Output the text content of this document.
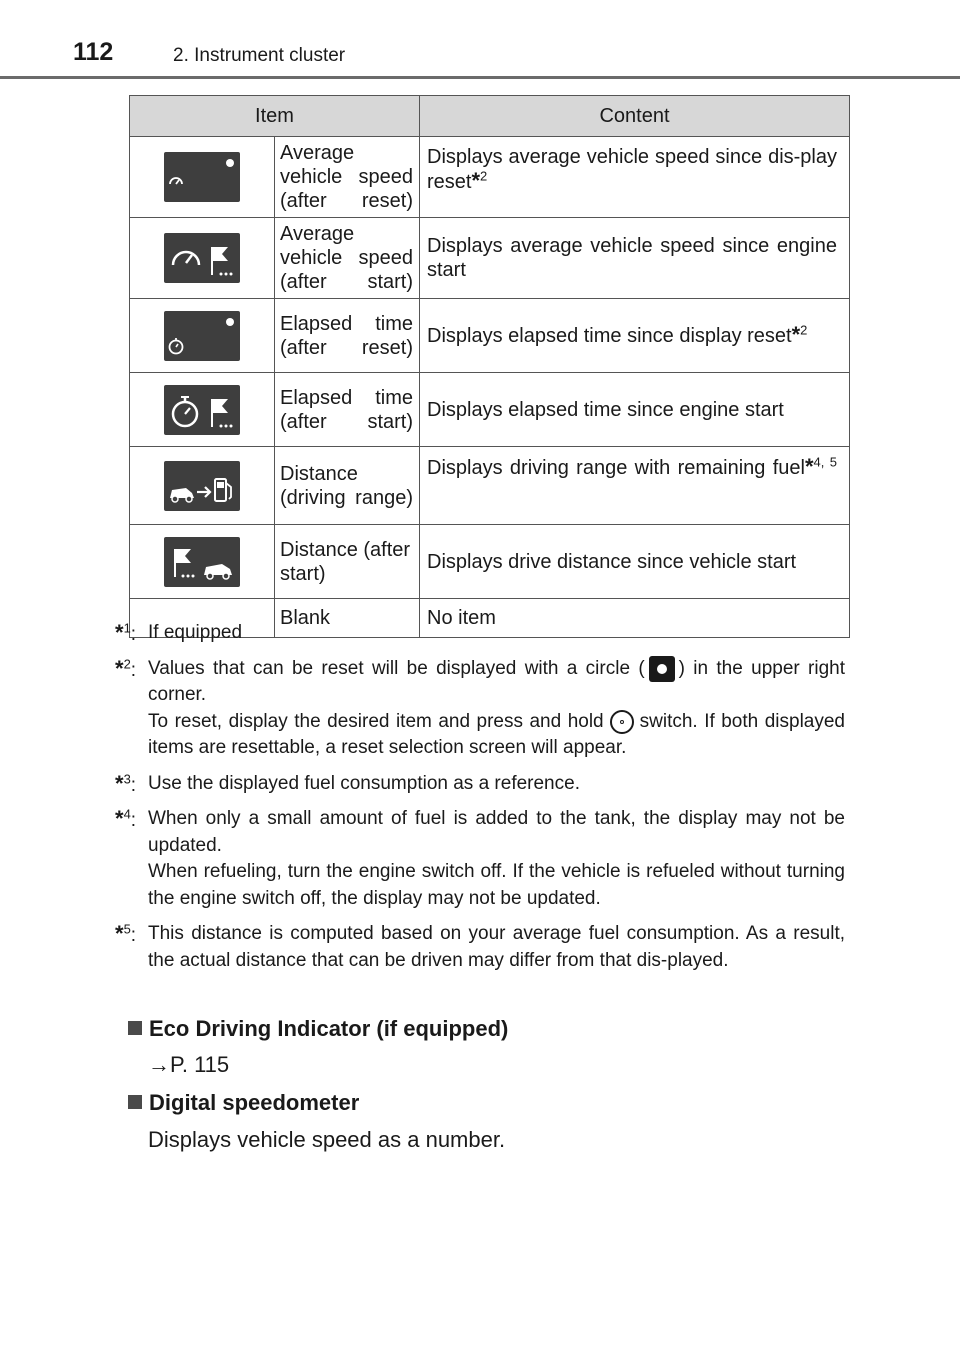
112	2. Instrument cluster
Item		Content

	Average vehicle speed (after reset)	Displays average vehicle speed since dis-play reset*$^2$

	Average vehicle speed (after start)	Displays average vehicle speed since engine start

	Elapsed time (after reset)	Displays elapsed time since display reset*$^2$

	Elapsed time (after start)	Displays elapsed time since engine start

	Distance (driving range)	Displays driving range with remaining fuel*$^{4, 5}$

	Distance (after start)	Displays drive distance since vehicle start
	Blank	No item
*$^1$: If equipped

*$^2$: Values that can be reset will be displayed with a circle ( ) in the upper right corner.

To reset, display the desired item and press and hold switch. If both displayed items are resettable, a reset selection screen will appear.

*$^3$: Use the displayed fuel consumption as a reference.

*$^4$: When only a small amount of fuel is added to the tank, the display may not be updated.

When refueling, turn the engine switch off. If the vehicle is refueled without turning the engine switch off, the display may not be updated.

*$^5$: This distance is computed based on your average fuel consumption. As a result, the actual distance that can be driven may differ from that dis-played.

Eco Driving Indicator (if equipped)
→P. 115
Digital speedometer
Displays vehicle speed as a number.
